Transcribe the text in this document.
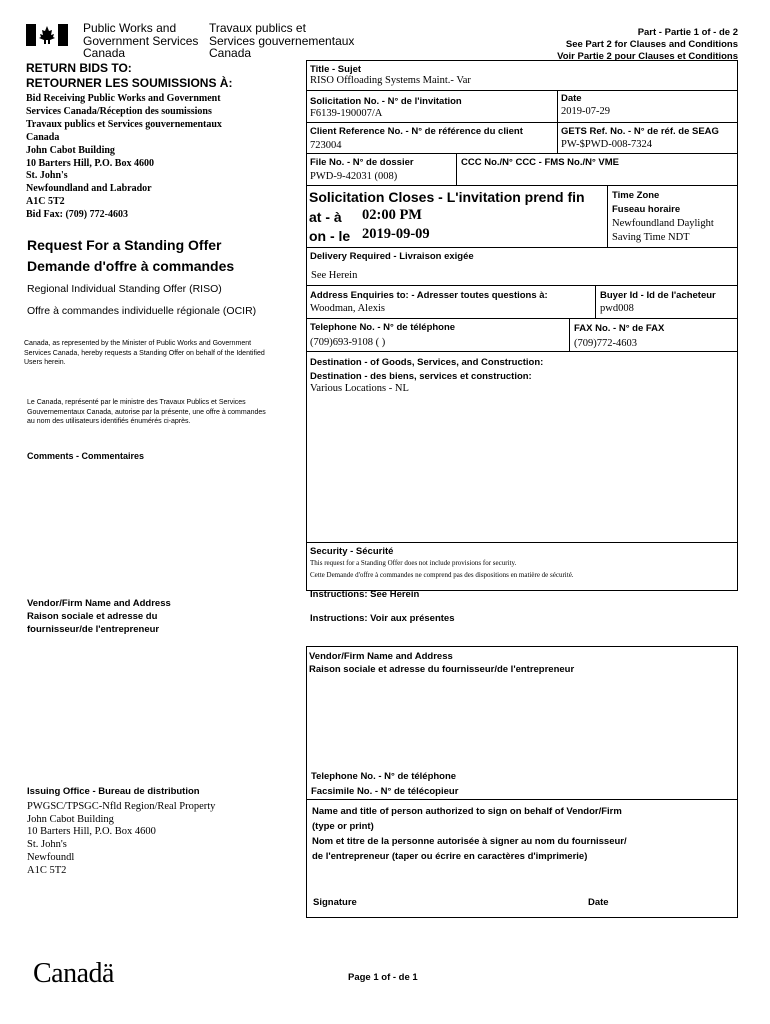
Public Works and
Government Services
Canada
Travaux publics et
Services gouvernementaux
Canada
Part - Partie 1 of - de 2
See Part 2 for Clauses and Conditions
Voir Partie 2 pour Clauses et Conditions
RETURN BIDS TO:
RETOURNER LES SOUMISSIONS À:
Bid Receiving Public Works and Government
Services Canada/Réception des soumissions
Travaux publics et Services gouvernementaux
Canada
John Cabot Building
10 Barters Hill, P.O. Box 4600
St. John's
Newfoundland and Labrador
A1C 5T2
Bid Fax: (709) 772-4603
Request For a Standing Offer
Demande d'offre à commandes
Regional Individual Standing Offer (RISO)
Offre à commandes individuelle régionale (OCIR)
Canada, as represented by the Minister of Public Works and Government Services Canada, hereby requests a Standing Offer on behalf of the Identified Users herein.
Le Canada, représenté par le ministre des Travaux Publics et Services Gouvernementaux Canada, autorise par la présente, une offre à commandes au nom des utilisateurs identifiés énumérés ci-après.
Comments - Commentaires
Vendor/Firm Name and Address
Raison sociale et adresse du
fournisseur/de l'entrepreneur
Issuing Office - Bureau de distribution
PWGSC/TPSGC-Nfld Region/Real Property
John Cabot Building
10 Barters Hill, P.O. Box 4600
St. John's
Newfoundl
A1C 5T2
Title - Sujet
RISO Offloading Systems Maint.- Var
Solicitation No. - N° de l'invitation
F6139-190007/A
Date
2019-07-29
Client Reference No. - N° de référence du client
723004
GETS Ref. No. - N° de réf. de SEAG
PW-$PWD-008-7324
File No. - N° de dossier
PWD-9-42031 (008)
CCC No./N° CCC - FMS No./N° VME
Solicitation Closes - L'invitation prend fin
at - à 02:00 PM
on - le 2019-09-09
Time Zone
Fuseau horaire
Newfoundland Daylight
Saving Time NDT
Delivery Required - Livraison exigée
See Herein
Address Enquiries to: - Adresser toutes questions à:
Woodman, Alexis
Buyer Id - Id de l'acheteur
pwd008
Telephone No. - N° de téléphone
(709)693-9108 ( )
FAX No. - N° de FAX
(709)772-4603
Destination - of Goods, Services, and Construction:
Destination - des biens, services et construction:
Various Locations - NL
Security - Sécurité
This request for a Standing Offer does not include provisions for security.
Cette Demande d'offre à commandes ne comprend pas des dispositions en matière de sécurité.
Instructions: See Herein
Instructions: Voir aux présentes
Vendor/Firm Name and Address
Raison sociale et adresse du fournisseur/de l'entrepreneur
Telephone No. - N° de téléphone
Facsimile No. - N° de télécopieur
Name and title of person authorized to sign on behalf of Vendor/Firm
(type or print)
Nom et titre de la personne autorisée à signer au nom du fournisseur/
de l'entrepreneur (taper ou écrire en caractères d'imprimerie)
Signature	Date
Canadä	Page 1 of - de 1
